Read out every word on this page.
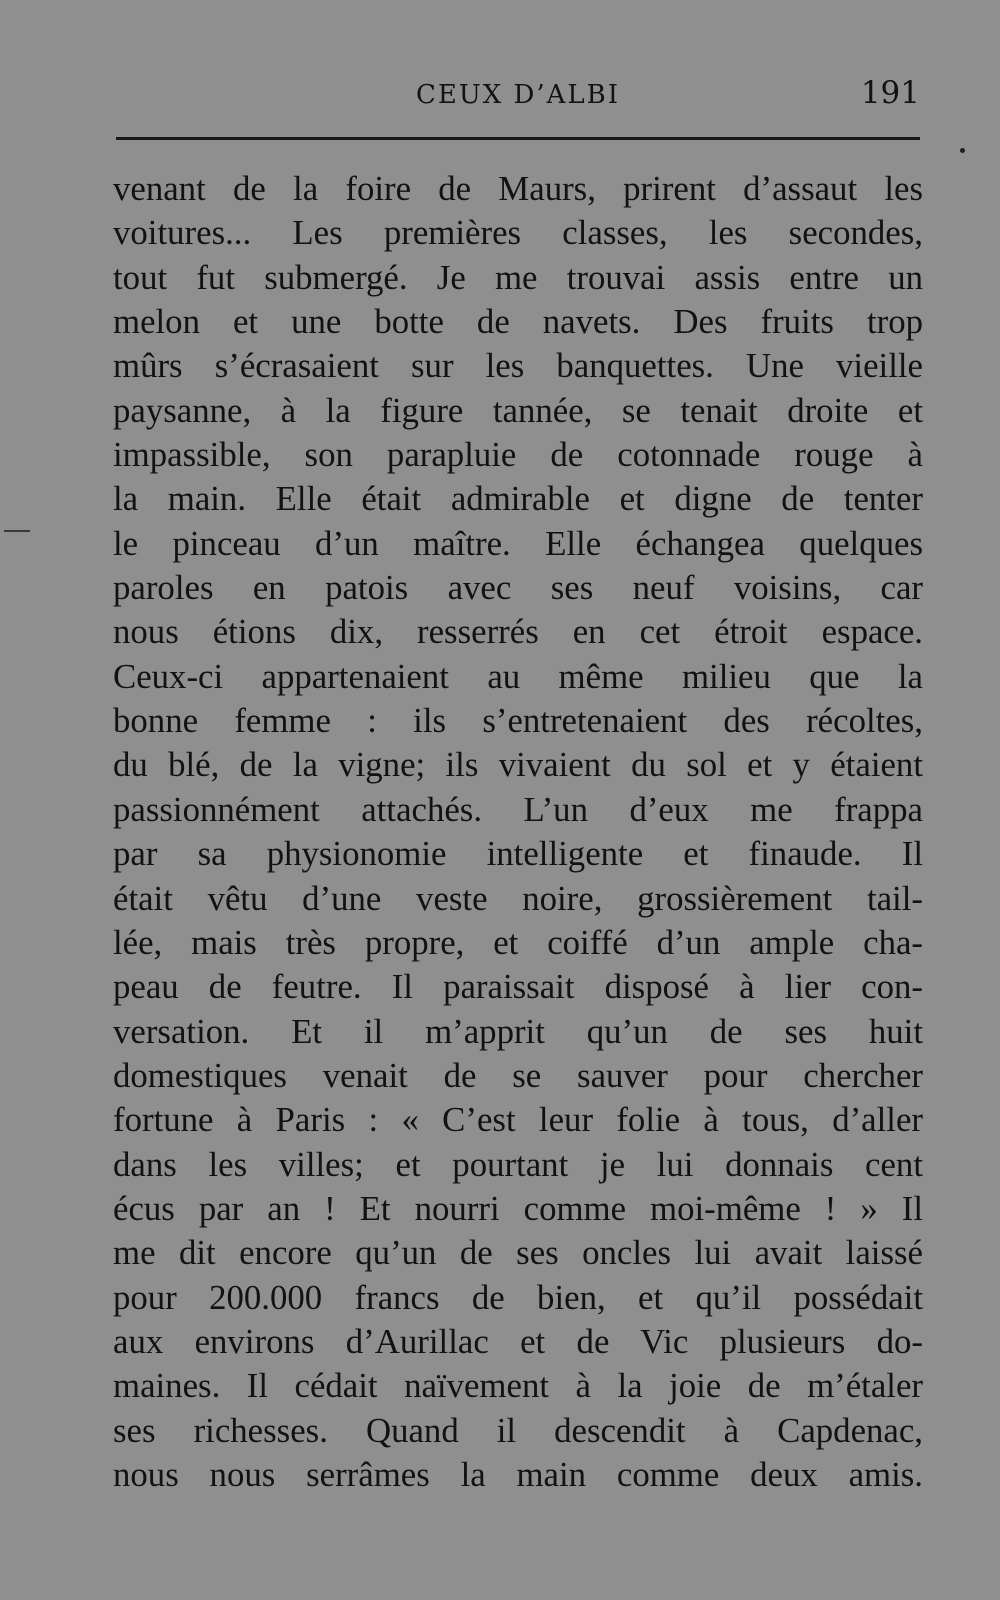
CEUX D’ALBI	191
venant de la foire de Maurs, prirent d’assaut les
voitures... Les premières classes, les secondes,
tout fut submergé. Je me trouvai assis entre un
melon et une botte de navets. Des fruits trop
mûrs s’écrasaient sur les banquettes. Une vieille
paysanne, à la figure tannée, se tenait droite et
impassible, son parapluie de cotonnade rouge à
la main. Elle était admirable et digne de tenter
le pinceau d’un maître. Elle échangea quelques
paroles en patois avec ses neuf voisins, car
nous étions dix, resserrés en cet étroit espace.
Ceux-ci appartenaient au même milieu que la
bonne femme : ils s’entretenaient des récoltes,
du blé, de la vigne; ils vivaient du sol et y étaient
passionnément attachés. L’un d’eux me frappa
par sa physionomie intelligente et finaude. Il
était vêtu d’une veste noire, grossièrement tail-
lée, mais très propre, et coiffé d’un ample cha-
peau de feutre. Il paraissait disposé à lier con-
versation. Et il m’apprit qu’un de ses huit
domestiques venait de se sauver pour chercher
fortune à Paris : « C’est leur folie à tous, d’aller
dans les villes; et pourtant je lui donnais cent
écus par an ! Et nourri comme moi-même ! » Il
me dit encore qu’un de ses oncles lui avait laissé
pour 200.000 francs de bien, et qu’il possédait
aux environs d’Aurillac et de Vic plusieurs do-
maines. Il cédait naïvement à la joie de m’étaler
ses richesses. Quand il descendit à Capdenac,
nous nous serrâmes la main comme deux amis.
